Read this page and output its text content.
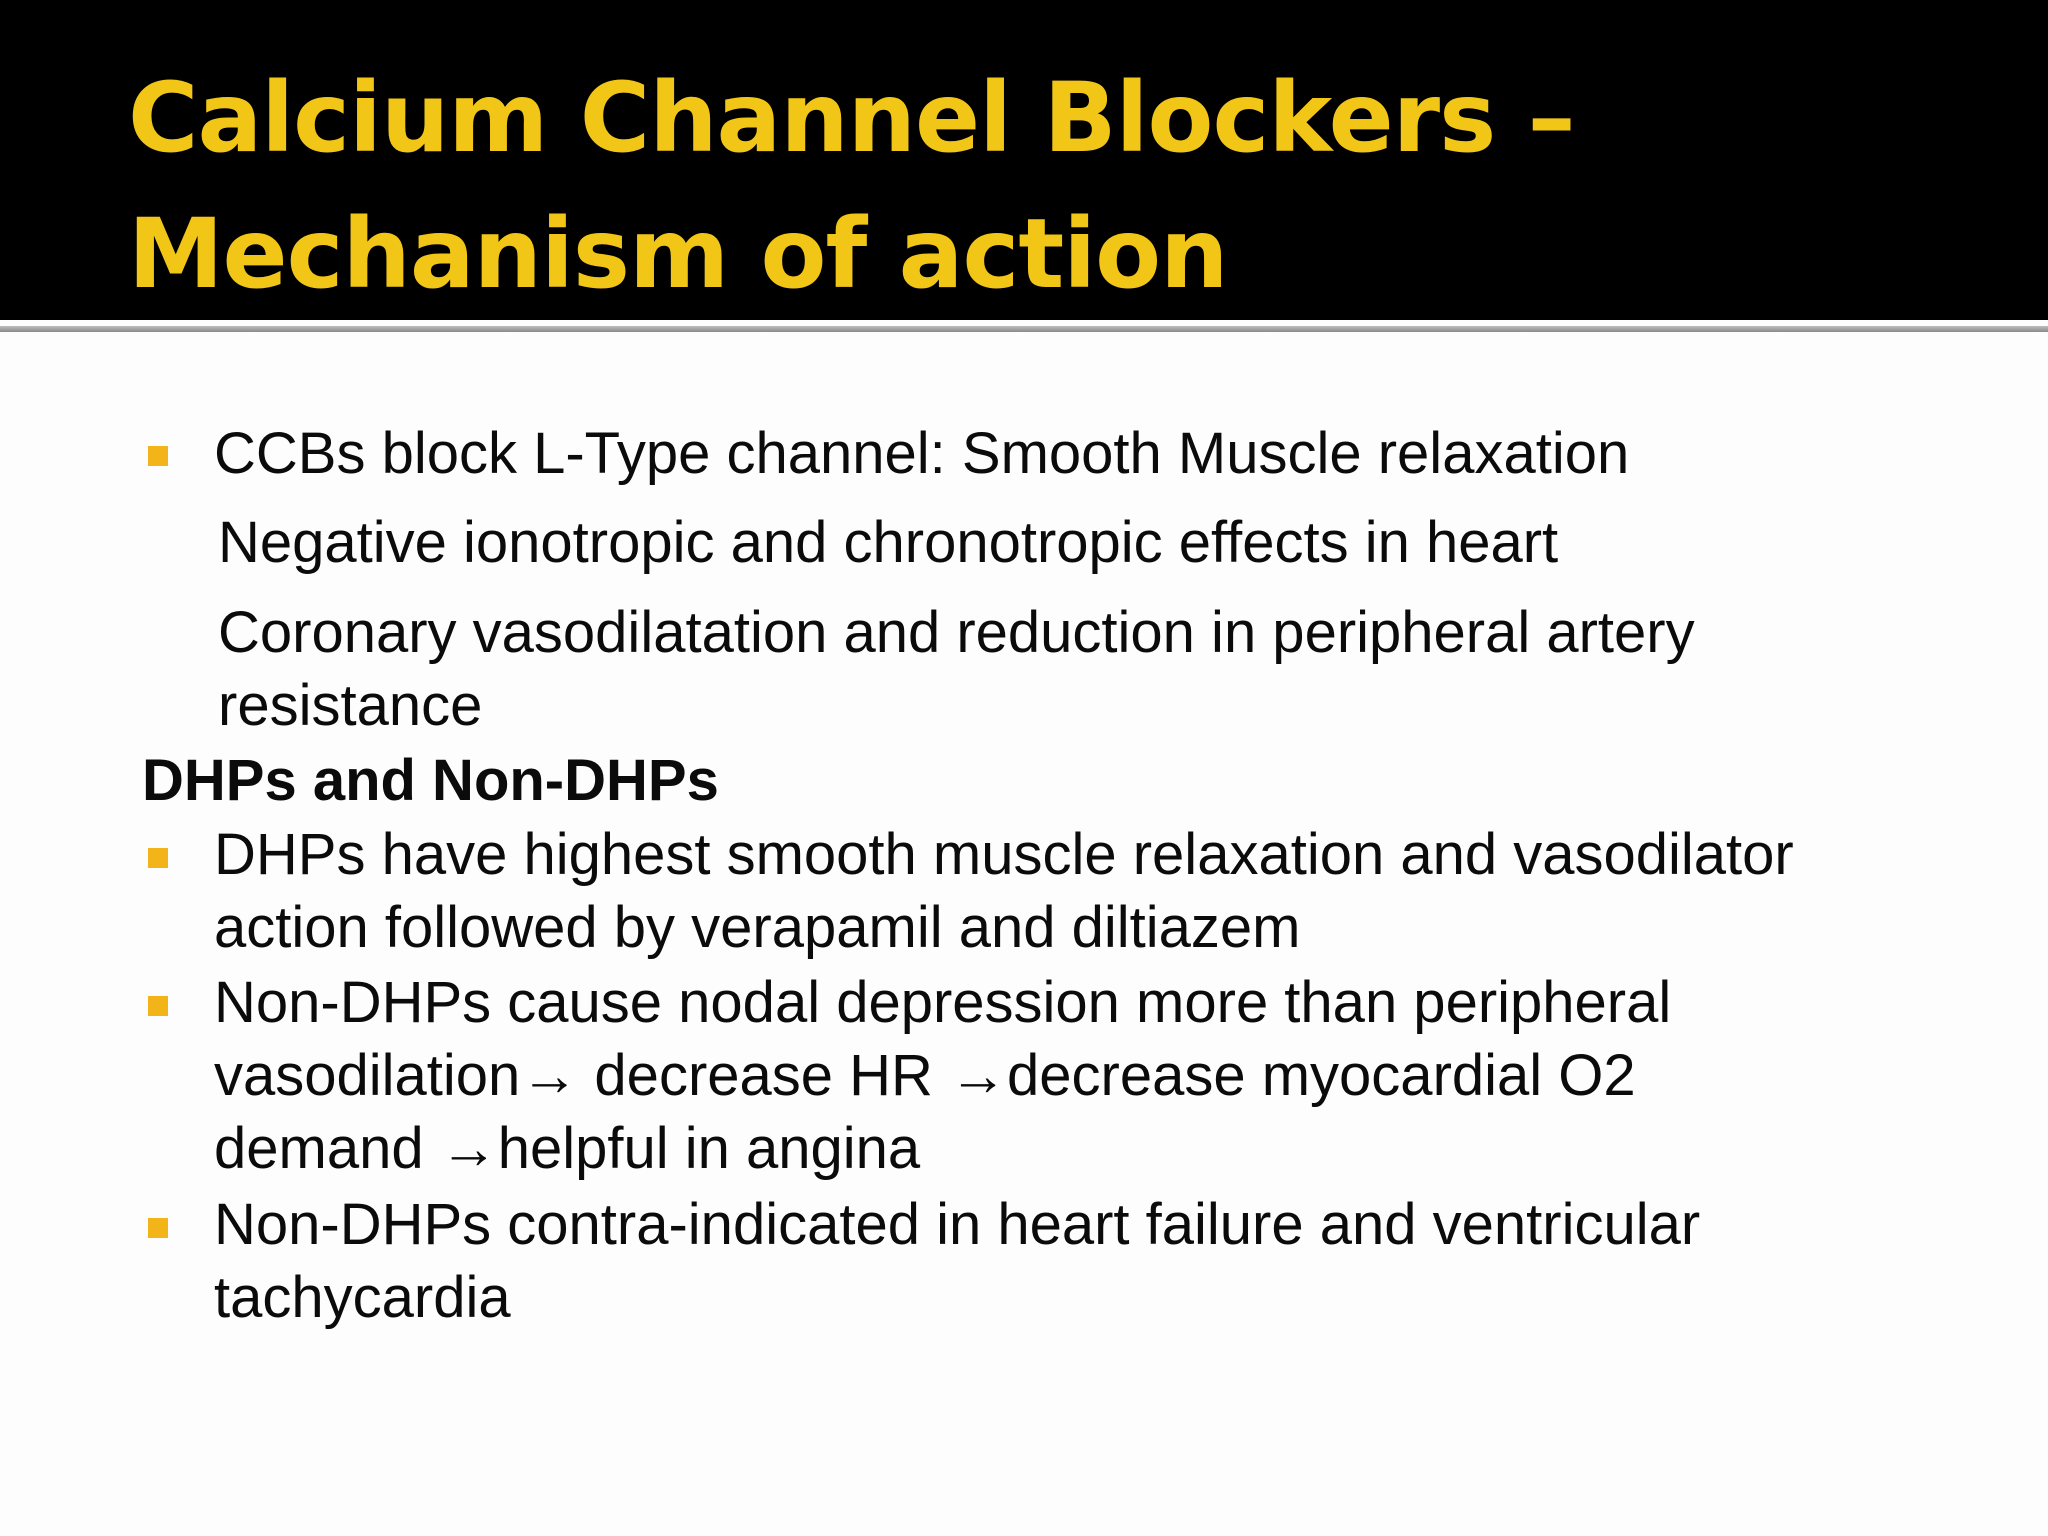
Calcium Channel Blockers –
Mechanism of action

CCBs block L-Type channel: Smooth Muscle relaxation

Negative ionotropic and chronotropic effects in heart

Coronary vasodilatation and reduction in peripheral artery
resistance

DHPs and Non-DHPs

DHPs have highest smooth muscle relaxation and vasodilator
action followed by verapamil and diltiazem

Non-DHPs cause nodal depression more than peripheral
vasodilation→ decrease HR →decrease myocardial O2
demand →helpful in angina

Non-DHPs contra-indicated in heart failure and ventricular
tachycardia
